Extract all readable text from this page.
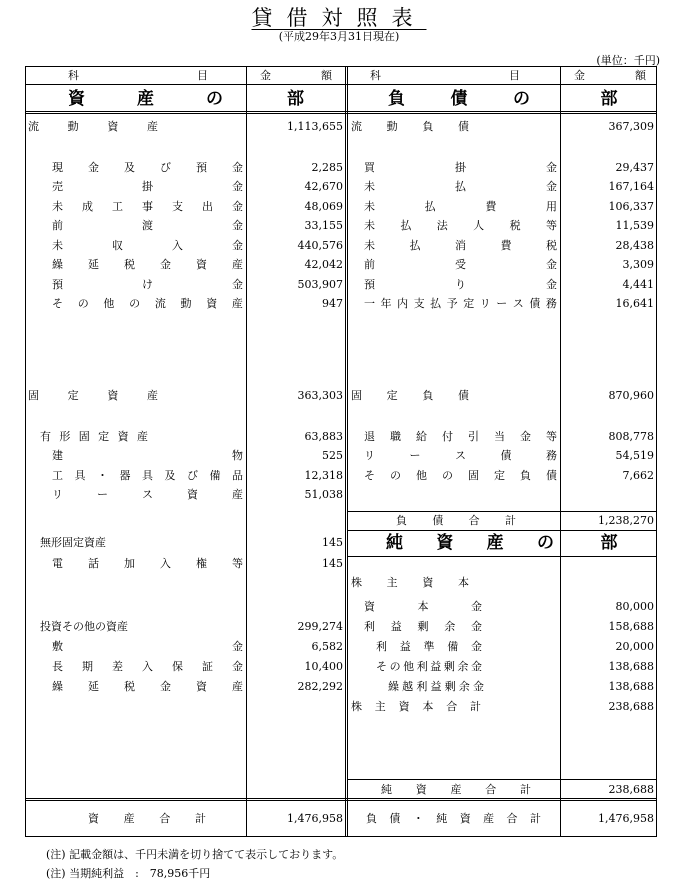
貸借対照表
(平成29年3月31日現在)
(単位：千円)
科	目	金	額	科	目	金	額
資	産	の	部	負	債	の	部
純 資 産 の	部
流	動	資	産	1,113,655
現 金 及 び 預 金	2,285
売	掛	金	42,670
未 成 工 事 支 出 金	48,069
前	渡	金	33,155
未	収	入	金	440,576
繰 延 税 金 資 産	42,042
預	け	金	503,907
そ の 他 の 流 動 資 産	947
固	定	資	産	363,303
有 形 固 定 資 産	63,883
建	物	525
工 具 ・ 器 具 及 び 備 品	12,318
リ	ー	ス	資	産	51,038
無形固定資産	145
電 話 加 入 権 等	145
投資その他の資産	299,274
敷	金	6,582
長 期 差 入 保 証 金	10,400
繰 延 税 金 資 産	282,292
資 産 合 計	1,476,958
流 動 負 債	367,309
買	掛	金	29,437
未	払	金	167,164
未	払	費	用	106,337
未 払 法 人 税 等	11,539
未	払	消	費	税	28,438
前	受	金	3,309
預	り	金	4,441
一 年 内 支 払 予 定 リ ー ス 債 務	16,641
固 定 負 債	870,960
退 職 給 付 引 当 金 等	808,778
リ	ー	ス	債	務	54,519
そ の 他 の 固 定 負 債	7,662
負 債 合 計	1,238,270
株 主 資 本
資	本	金	80,000
利 益 剰 余 金	158,688
利 益 準 備 金	20,000
そ の 他 利 益 剰 余 金	138,688
繰 越 利 益 剰 余 金	138,688
株 主 資 本 合 計	238,688
純 資 産 合 計	238,688
負 債 ・ 純 資 産 合 計	1,476,958
(注) 記載金額は、千円未満を切り捨てて表示しております。
(注) 当期純利益　:　78,956千円
